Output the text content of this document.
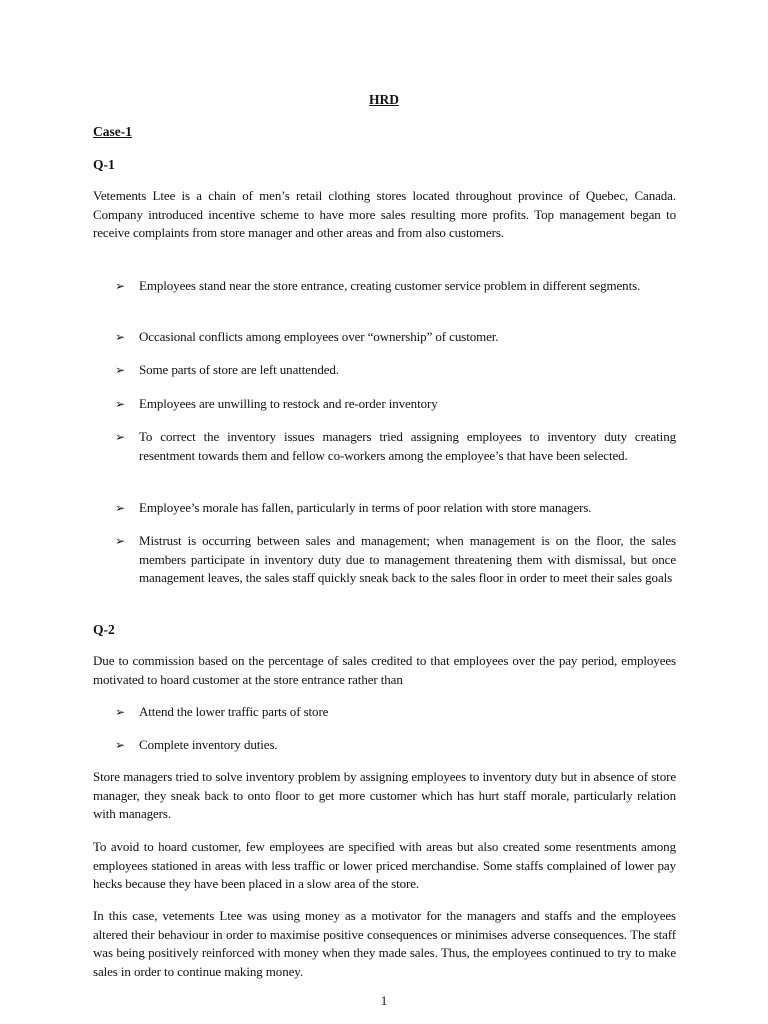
HRD
Case-1
Q-1
Vetements Ltee is a chain of men’s retail clothing stores located throughout province of Quebec, Canada. Company introduced incentive scheme to have more sales resulting more profits. Top management began to receive complaints from store manager and other areas and from also customers.
➢	Employees stand near the store entrance, creating customer service problem in different segments.
➢	Occasional conflicts among employees over “ownership” of customer.
➢	Some parts of store are left unattended.
➢	Employees are unwilling to restock and re-order inventory
➢	To correct the inventory issues managers tried assigning employees to inventory duty creating resentment towards them and fellow co-workers among the employee’s that have been selected.
➢	Employee’s morale has fallen, particularly in terms of poor relation with store managers.
➢	Mistrust is occurring between sales and management; when management is on the floor, the sales members participate in inventory duty due to management threatening them with dismissal, but once management leaves, the sales staff quickly sneak back to the sales floor in order to meet their sales goals
Q-2
Due to commission based on the percentage of sales credited to that employees over the pay period, employees motivated to hoard customer at the store entrance rather than
➢	Attend the lower traffic parts of store
➢	Complete inventory duties.
Store managers tried to solve inventory problem by assigning employees to inventory duty but in absence of store manager, they sneak back to onto floor to get more customer which has hurt staff morale, particularly relation with managers.
To avoid to hoard customer, few employees are specified with areas but also created some resentments among employees stationed in areas with less traffic or lower priced merchandise. Some staffs complained of lower pay hecks because they have been placed in a slow area of the store.
In this case, vetements Ltee was using money as a motivator for the managers and staffs and the employees altered their behaviour in order to maximise positive consequences or minimises adverse consequences. The staff was being positively reinforced with money when they made sales. Thus, the employees continued to try to make sales in order to continue making money.
1
